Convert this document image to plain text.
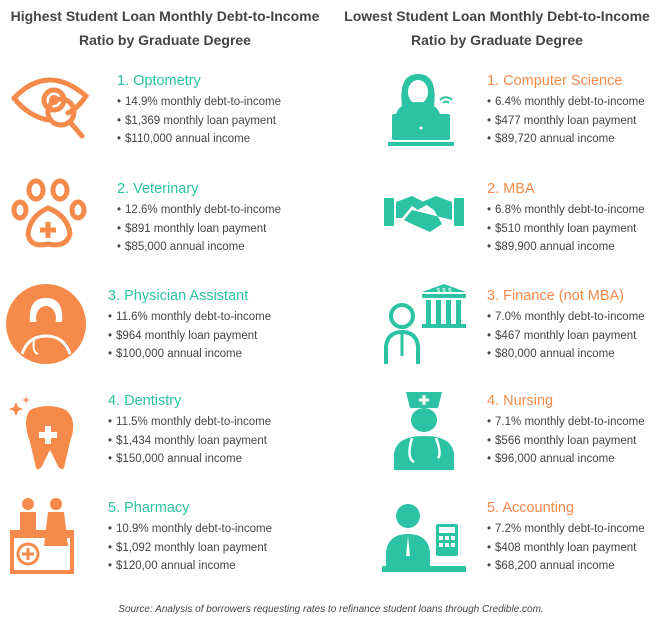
Highest Student Loan Monthly Debt-to-Income
Ratio by Graduate Degree
Lowest Student Loan Monthly Debt-to-Income
Ratio by Graduate Degree
$ $ $
1. Optometry
• 14.9% monthly debt-to-income
• $1,369 monthly loan payment
• $110,000 annual income
2. Veterinary
• 12.6% monthly debt-to-income
• $891 monthly loan payment
• $85,000 annual income
3. Physician Assistant
• 11.6% monthly debt-to-income
• $964 monthly loan payment
• $100,000 annual income
4. Dentistry
• 11.5% monthly debt-to-income
• $1,434 monthly loan payment
• $150,000 annual income
5. Pharmacy
• 10.9% monthly debt-to-income
• $1,092 monthly loan payment
• $120,00 annual income
1. Computer Science
• 6.4% monthly debt-to-income
• $477 monthly loan payment
• $89,720 annual income
2. MBA
• 6.8% monthly debt-to-income
• $510 monthly loan payment
• $89,900 annual income
3. Finance (not MBA)
• 7.0% monthly debt-to-income
• $467 monthly loan payment
• $80,000 annual income
4. Nursing
• 7.1% monthly debt-to-income
• $566 monthly loan payment
• $96,000 annual income
5. Accounting
• 7.2% monthly debt-to-income
• $408 monthly loan payment
• $68,200 annual income
Source: Analysis of borrowers requesting rates to refinance student loans through Credible.com.
